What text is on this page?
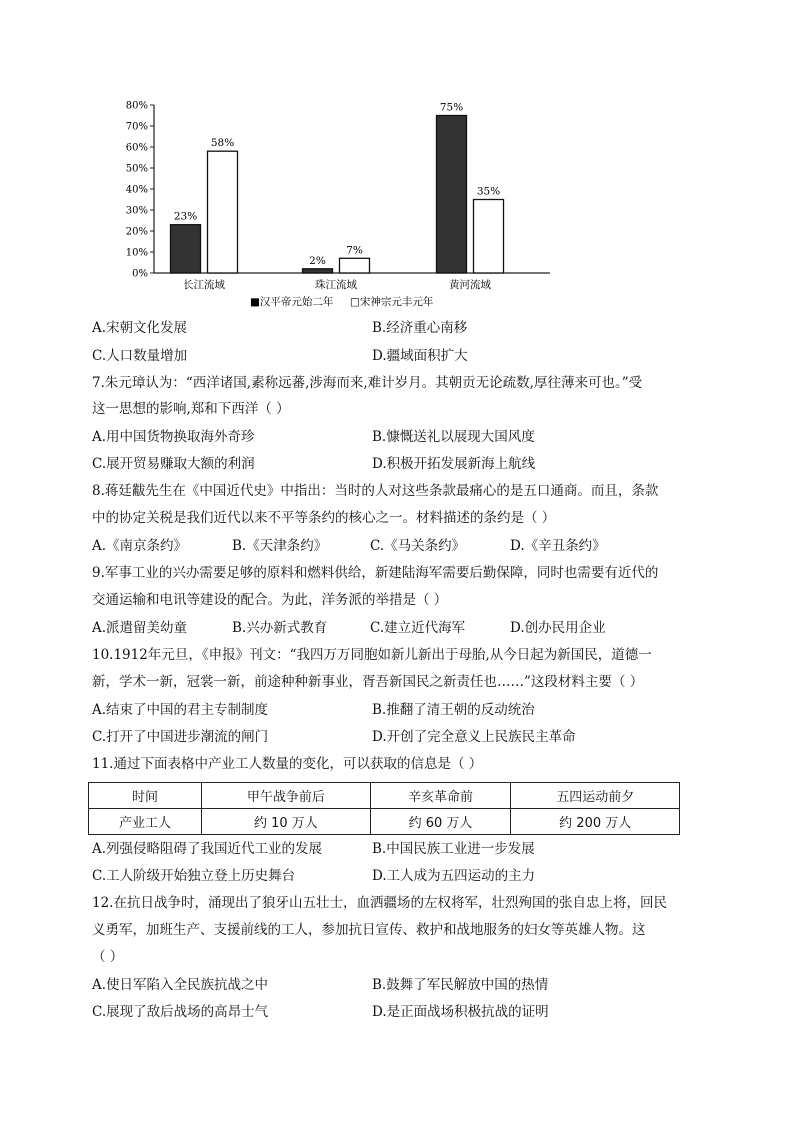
0%
10%
20%
30%
40%
50%
60%
70%
80%
23%
2%
75%
58%
7%
35%
长江流域	珠江流域	黄河流域
■汉平帝元始二年 □宋神宗元丰元年
A.宋朝文化发展	B.经济重心南移
C.人口数量增加	D.疆域面积扩大
7.朱元璋认为：“西洋诸国,素称远蕃,涉海而来,难计岁月。其朝贡无论疏数,厚往薄来可也。”受
这一思想的影响,郑和下西洋（ ）
A.用中国货物换取海外奇珍	B.慷慨送礼以展现大国风度
C.展开贸易赚取大额的利润	D.积极开拓发展新海上航线
8.蒋廷黻先生在《中国近代史》中指出：当时的人对这些条款最痛心的是五口通商。而且，条款
中的协定关税是我们近代以来不平等条约的核心之一。材料描述的条约是（ ）
A.《南京条约》	B.《天津条约》	C.《马关条约》	D.《辛丑条约》
9.军事工业的兴办需要足够的原料和燃料供给，新建陆海军需要后勤保障，同时也需要有近代的
交通运输和电讯等建设的配合。为此，洋务派的举措是（ ）
A.派遣留美幼童	B.兴办新式教育	C.建立近代海军	D.创办民用企业
10.1912年元旦，《申报》刊文：“我四万万同胞如新儿新出于母胎,从今日起为新国民，道德一
新，学术一新，冠裳一新，前途种种新事业，胥吾新国民之新责任也……”这段材料主要（ ）
A.结束了中国的君主专制制度	B.推翻了清王朝的反动统治
C.打开了中国进步潮流的闸门	D.开创了完全意义上民族民主革命
11.通过下面表格中产业工人数量的变化，可以获取的信息是（ ）
时间	甲午战争前后	辛亥革命前	五四运动前夕
产业工人	约 10 万人	约 60 万人	约 200 万人
A.列强侵略阻碍了我国近代工业的发展	B.中国民族工业进一步发展
C.工人阶级开始独立登上历史舞台	D.工人成为五四运动的主力
12.在抗日战争时，涌现出了狼牙山五壮士，血洒疆场的左权将军，壮烈殉国的张自忠上将，回民
义勇军，加班生产、支援前线的工人，参加抗日宣传、救护和战地服务的妇女等英雄人物。这
（ ）
A.使日军陷入全民族抗战之中	B.鼓舞了军民解放中国的热情
C.展现了敌后战场的高昂士气	D.是正面战场积极抗战的证明
